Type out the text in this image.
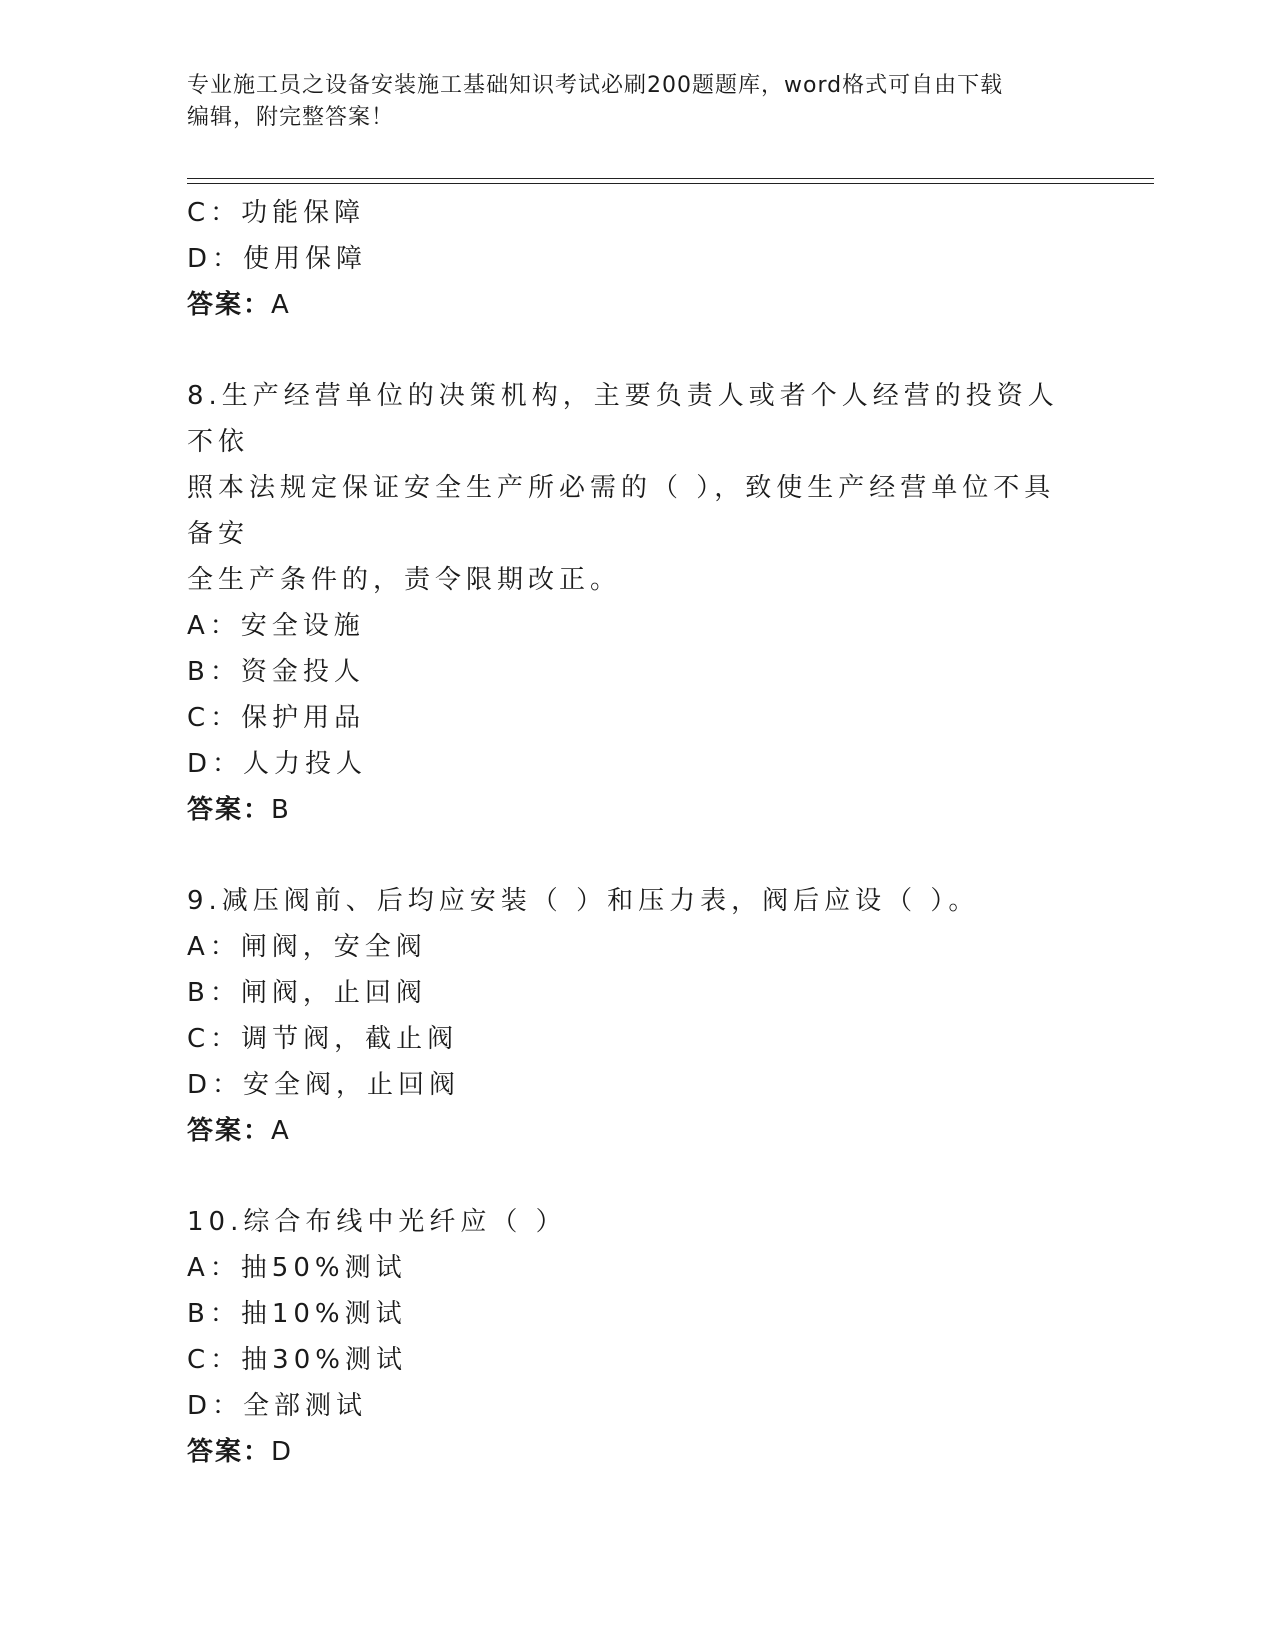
专业施工员之设备安装施工基础知识考试必刷200题题库，word格式可自由下载
编辑，附完整答案！
C：功能保障
D：使用保障
答案：A
8.生产经营单位的决策机构，主要负责人或者个人经营的投资人不依
照本法规定保证安全生产所必需的（ ），致使生产经营单位不具备安
全生产条件的，责令限期改正。
A：安全设施
B：资金投人
C：保护用品
D：人力投人
答案：B
9.减压阀前、后均应安装（ ）和压力表，阀后应设（ ）。
A：闸阀，安全阀
B：闸阀，止回阀
C：调节阀，截止阀
D：安全阀，止回阀
答案：A
10.综合布线中光纤应（ ）
A：抽50%测试
B：抽10%测试
C：抽30%测试
D：全部测试
答案：D
